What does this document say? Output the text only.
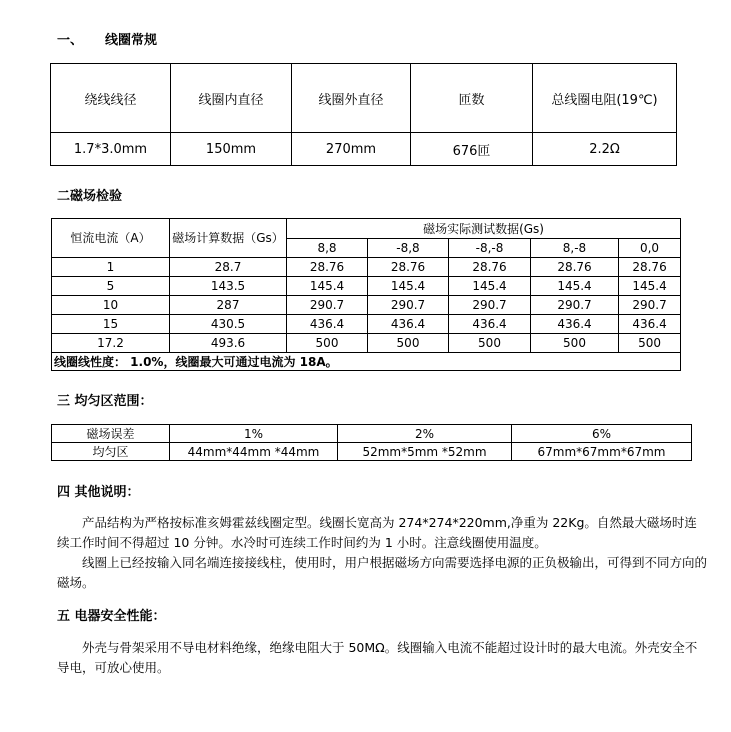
一、 线圈常规
绕线线径	线圈内直径	线圈外直径	匝数	总线圈电阻(19℃)
1.7*3.0mm	150mm	270mm	676匝	2.2Ω
二磁场检验
恒流电流（A）	磁场计算数据（Gs）	磁场实际测试数据(Gs)				
		8,8	-8,8	-8,-8	8,-8	0,0
1	28.7	28.76	28.76	28.76	28.76	28.76
5	143.5	145.4	145.4	145.4	145.4	145.4
10	287	290.7	290.7	290.7	290.7	290.7
15	430.5	436.4	436.4	436.4	436.4	436.4
17.2	493.6	500	500	500	500	500
线圈线性度： 1.0%，线圈最大可通过电流为 18A。						
三 均匀区范围：
磁场误差	1%	2%	6%
均匀区	44mm*44mm *44mm	52mm*5mm *52mm	67mm*67mm*67mm
四 其他说明：

产品结构为严格按标准亥姆霍兹线圈定型。线圈长宽高为 274*274*220mm,净重为 22Kg。自然最大磁场时连续工作时间不得超过 10 分钟。水冷时可连续工作时间约为 1 小时。注意线圈使用温度。

线圈上已经按输入同名端连接接线柱，使用时，用户根据磁场方向需要选择电源的正负极输出，可得到不同方向的磁场。

五 电器安全性能：

外壳与骨架采用不导电材料绝缘，绝缘电阻大于 50MΩ。线圈输入电流不能超过设计时的最大电流。外壳安全不导电，可放心使用。
